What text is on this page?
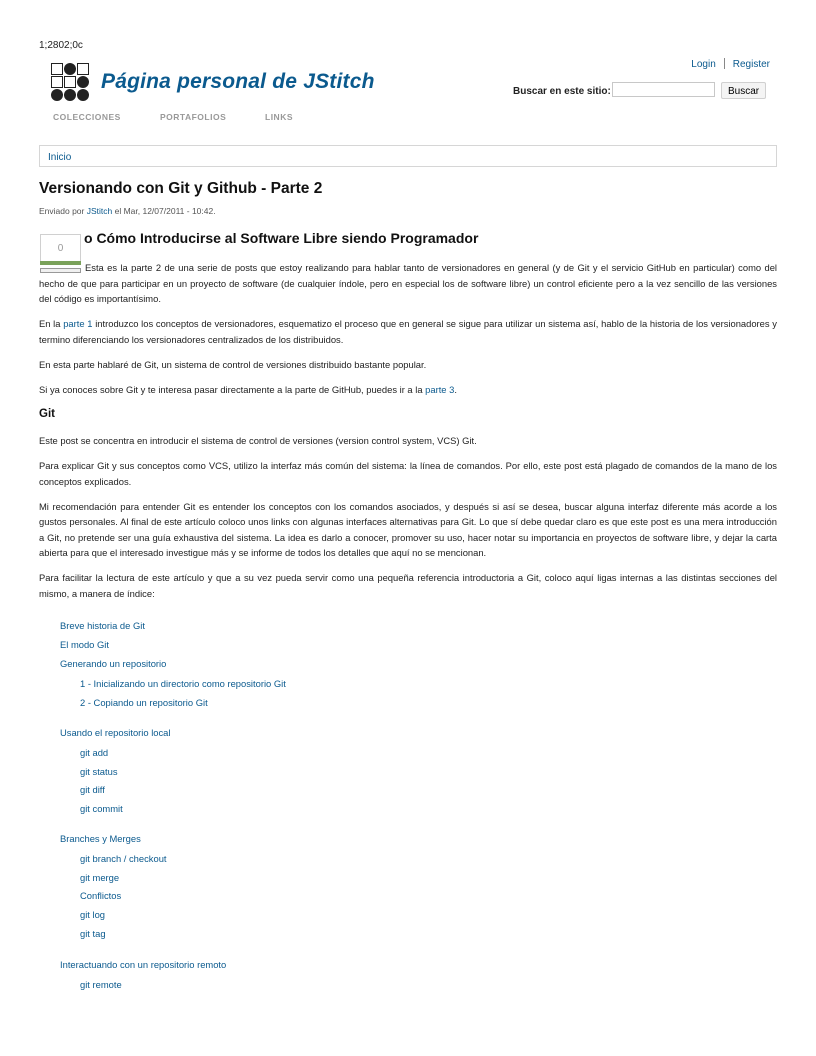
1;2802;0c
Página personal de JStitch
Login Register
Buscar en este sitio:	Buscar
COLECCIONES	PORTAFOLIOS	LINKS
Inicio
Versionando con Git y Github - Parte 2
Enviado por JStitch el Mar, 12/07/2011 - 10:42.
0
o Cómo Introducirse al Software Libre siendo Programador

Esta es la parte 2 de una serie de posts que estoy realizando para hablar tanto de versionadores en general (y de Git y el servicio GitHub en particular) como del hecho de que para participar en un proyecto de software (de cualquier índole, pero en especial los de software libre) un control eficiente pero a la vez sencillo de las versiones del código es importantísimo.

En la parte 1 introduzco los conceptos de versionadores, esquematizo el proceso que en general se sigue para utilizar un sistema así, hablo de la historia de los versionadores y termino diferenciando los versionadores centralizados de los distribuidos.

En esta parte hablaré de Git, un sistema de control de versiones distribuido bastante popular.

Si ya conoces sobre Git y te interesa pasar directamente a la parte de GitHub, puedes ir a la parte 3.

Git

Este post se concentra en introducir el sistema de control de versiones (version control system, VCS) Git.

Para explicar Git y sus conceptos como VCS, utilizo la interfaz más común del sistema: la línea de comandos. Por ello, este post está plagado de comandos de la mano de los conceptos explicados.

Mi recomendación para entender Git es entender los conceptos con los comandos asociados, y después si así se desea, buscar alguna interfaz diferente más acorde a los gustos personales. Al final de este artículo coloco unos links con algunas interfaces alternativas para Git. Lo que sí debe quedar claro es que este post es una mera introducción a Git, no pretende ser una guía exhaustiva del sistema. La idea es darlo a conocer, promover su uso, hacer notar su importancia en proyectos de software libre, y dejar la carta abierta para que el interesado investigue más y se informe de todos los detalles que aquí no se mencionan.

Para facilitar la lectura de este artículo y que a su vez pueda servir como una pequeña referencia introductoria a Git, coloco aquí ligas internas a las distintas secciones del mismo, a manera de índice:

Breve historia de Git
El modo Git
Generando un repositorio
1 - Inicializando un directorio como repositorio Git
2 - Copiando un repositorio Git
Usando el repositorio local
git add
git status
git diff
git commit
Branches y Merges
git branch / checkout
git merge
Conflictos
git log
git tag
Interactuando con un repositorio remoto
git remote
